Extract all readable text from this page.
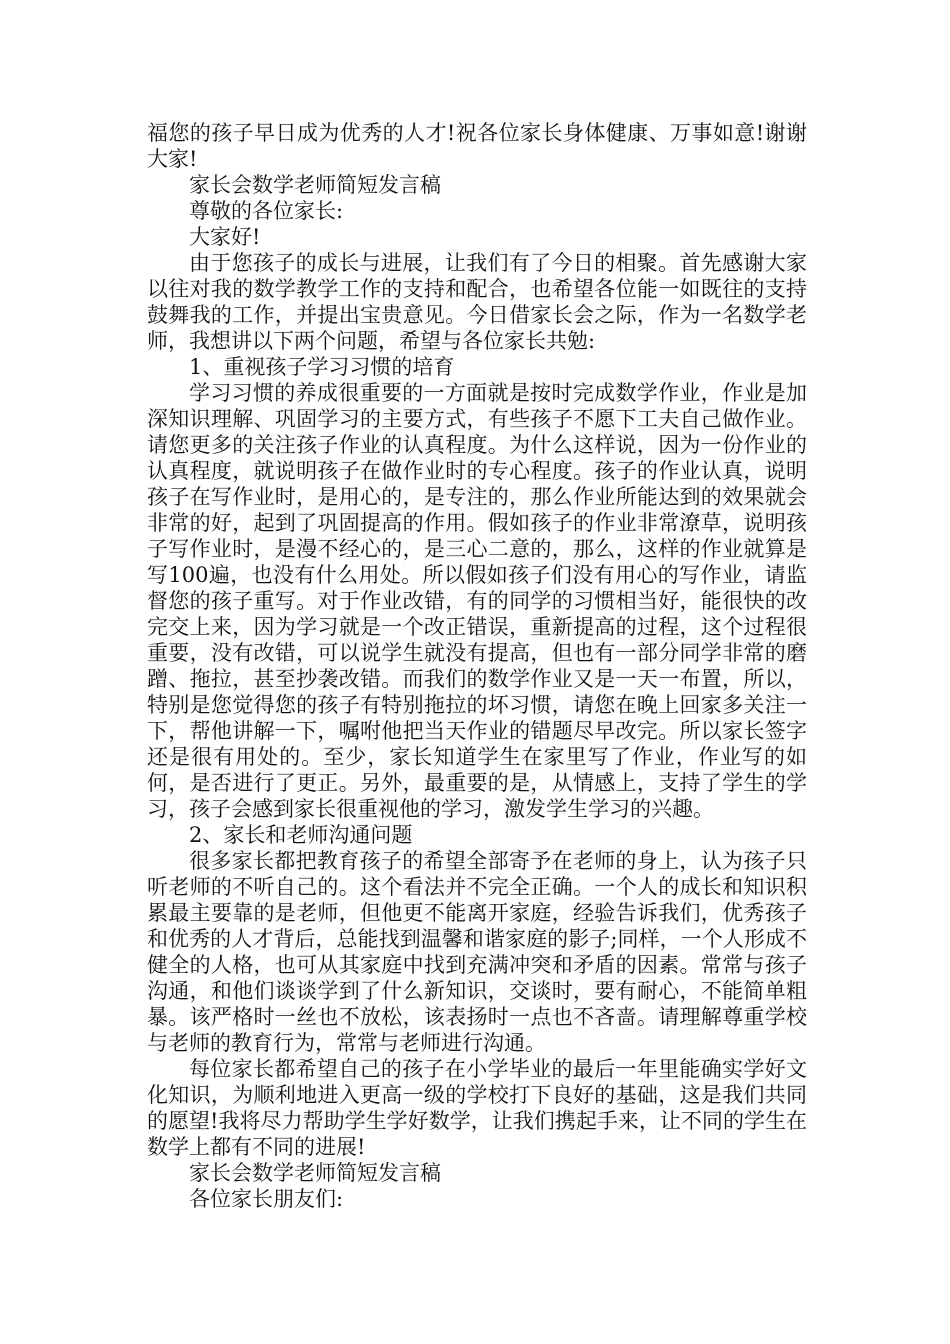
福您的孩子早日成为优秀的人才!祝各位家长身体健康、万事如意!谢谢大家!

家长会数学老师简短发言稿

尊敬的各位家长:

大家好!

由于您孩子的成长与进展，让我们有了今日的相聚。首先感谢大家以往对我的数学教学工作的支持和配合，也希望各位能一如既往的支持鼓舞我的工作，并提出宝贵意见。今日借家长会之际，作为一名数学老师，我想讲以下两个问题，希望与各位家长共勉:

1、重视孩子学习习惯的培育

学习习惯的养成很重要的一方面就是按时完成数学作业，作业是加深知识理解、巩固学习的主要方式，有些孩子不愿下工夫自己做作业。请您更多的关注孩子作业的认真程度。为什么这样说，因为一份作业的认真程度，就说明孩子在做作业时的专心程度。孩子的作业认真，说明孩子在写作业时，是用心的，是专注的，那么作业所能达到的效果就会非常的好，起到了巩固提高的作用。假如孩子的作业非常潦草，说明孩子写作业时，是漫不经心的，是三心二意的，那么，这样的作业就算是写100遍，也没有什么用处。所以假如孩子们没有用心的写作业，请监督您的孩子重写。对于作业改错，有的同学的习惯相当好，能很快的改完交上来，因为学习就是一个改正错误，重新提高的过程，这个过程很重要，没有改错，可以说学生就没有提高，但也有一部分同学非常的磨蹭、拖拉，甚至抄袭改错。而我们的数学作业又是一天一布置，所以，特别是您觉得您的孩子有特别拖拉的坏习惯，请您在晚上回家多关注一下，帮他讲解一下，嘱咐他把当天作业的错题尽早改完。所以家长签字还是很有用处的。至少，家长知道学生在家里写了作业，作业写的如何，是否进行了更正。另外，最重要的是，从情感上，支持了学生的学习，孩子会感到家长很重视他的学习，激发学生学习的兴趣。

2、家长和老师沟通问题

很多家长都把教育孩子的希望全部寄予在老师的身上，认为孩子只听老师的不听自己的。这个看法并不完全正确。一个人的成长和知识积累最主要靠的是老师，但他更不能离开家庭，经验告诉我们，优秀孩子和优秀的人才背后，总能找到温馨和谐家庭的影子;同样，一个人形成不健全的人格，也可从其家庭中找到充满冲突和矛盾的因素。常常与孩子沟通，和他们谈谈学到了什么新知识，交谈时，要有耐心，不能简单粗暴。该严格时一丝也不放松，该表扬时一点也不吝啬。请理解尊重学校与老师的教育行为，常常与老师进行沟通。

每位家长都希望自己的孩子在小学毕业的最后一年里能确实学好文化知识，为顺利地进入更高一级的学校打下良好的基础，这是我们共同的愿望!我将尽力帮助学生学好数学，让我们携起手来，让不同的学生在数学上都有不同的进展!

家长会数学老师简短发言稿

各位家长朋友们:
